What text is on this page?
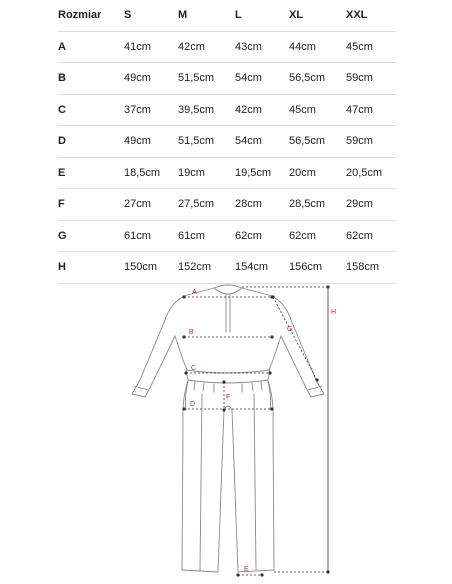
Rozmiar	S	M	L	XL	XXL
A	41cm	42cm	43cm	44cm	45cm
B	49cm	51,5cm	54cm	56,5cm	59cm
C	37cm	39,5cm	42cm	45cm	47cm
D	49cm	51,5cm	54cm	56,5cm	59cm
E	18,5cm	19cm	19,5cm	20cm	20,5cm
F	27cm	27,5cm	28cm	28,5cm	29cm
G	61cm	61cm	62cm	62cm	62cm
H	150cm	152cm	154cm	156cm	158cm
A
B
C
D
F
G
H
E
